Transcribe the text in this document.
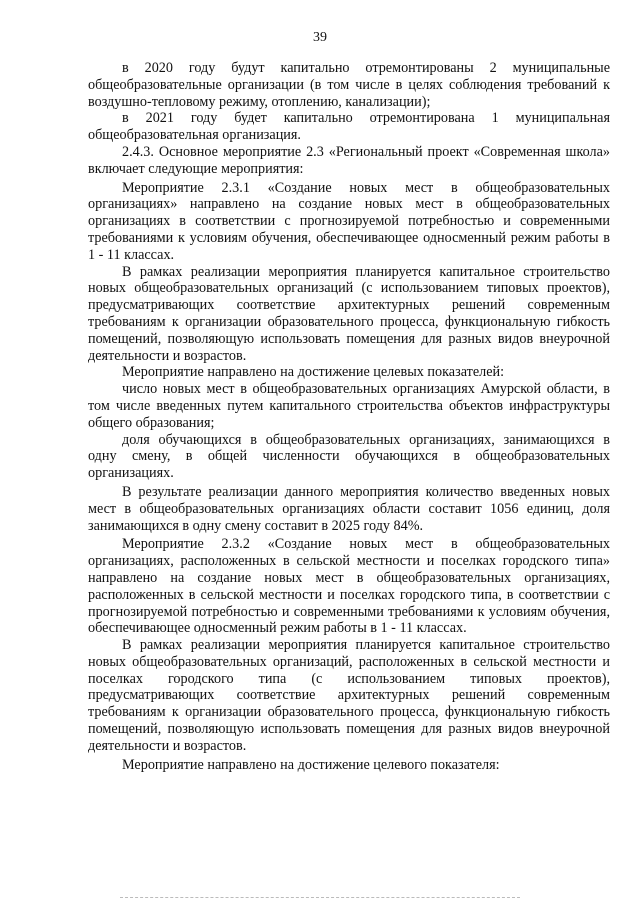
39

в 2020 году будут капитально отремонтированы 2 муниципальные общеобразовательные организации (в том числе в целях соблюдения требований к воздушно-тепловому режиму, отоплению, канализации);

в 2021 году будет капитально отремонтирована 1 муниципальная общеобразовательная организация.

2.4.3. Основное мероприятие 2.3 «Региональный проект «Современная школа» включает следующие мероприятия:

Мероприятие 2.3.1 «Создание новых мест в общеобразовательных организациях» направлено на создание новых мест в общеобразовательных организациях в соответствии с прогнозируемой потребностью и современными требованиями к условиям обучения, обеспечивающее односменный режим работы в 1 - 11 классах.

В рамках реализации мероприятия планируется капитальное строительство новых общеобразовательных организаций (с использованием типовых проектов), предусматривающих соответствие архитектурных решений современным требованиям к организации образовательного процесса, функциональную гибкость помещений, позволяющую использовать помещения для разных видов внеурочной деятельности и возрастов.

Мероприятие направлено на достижение целевых показателей:

число новых мест в общеобразовательных организациях Амурской области, в том числе введенных путем капитального строительства объектов инфраструктуры общего образования;

доля обучающихся в общеобразовательных организациях, занимающихся в одну смену, в общей численности обучающихся в общеобразовательных организациях.

В результате реализации данного мероприятия количество введенных новых мест в общеобразовательных организациях области составит 1056 единиц, доля занимающихся в одну смену составит в 2025 году 84%.

Мероприятие 2.3.2 «Создание новых мест в общеобразовательных организациях, расположенных в сельской местности и поселках городского типа» направлено на создание новых мест в общеобразовательных организациях, расположенных в сельской местности и поселках городского типа, в соответствии с прогнозируемой потребностью и современными требованиями к условиям обучения, обеспечивающее односменный режим работы в 1 - 11 классах.

В рамках реализации мероприятия планируется капитальное строительство новых общеобразовательных организаций, расположенных в сельской местности и поселках городского типа (с использованием типовых проектов), предусматривающих соответствие архитектурных решений современным требованиям к организации образовательного процесса, функциональную гибкость помещений, позволяющую использовать помещения для разных видов внеурочной деятельности и возрастов.

Мероприятие направлено на достижение целевого показателя:
